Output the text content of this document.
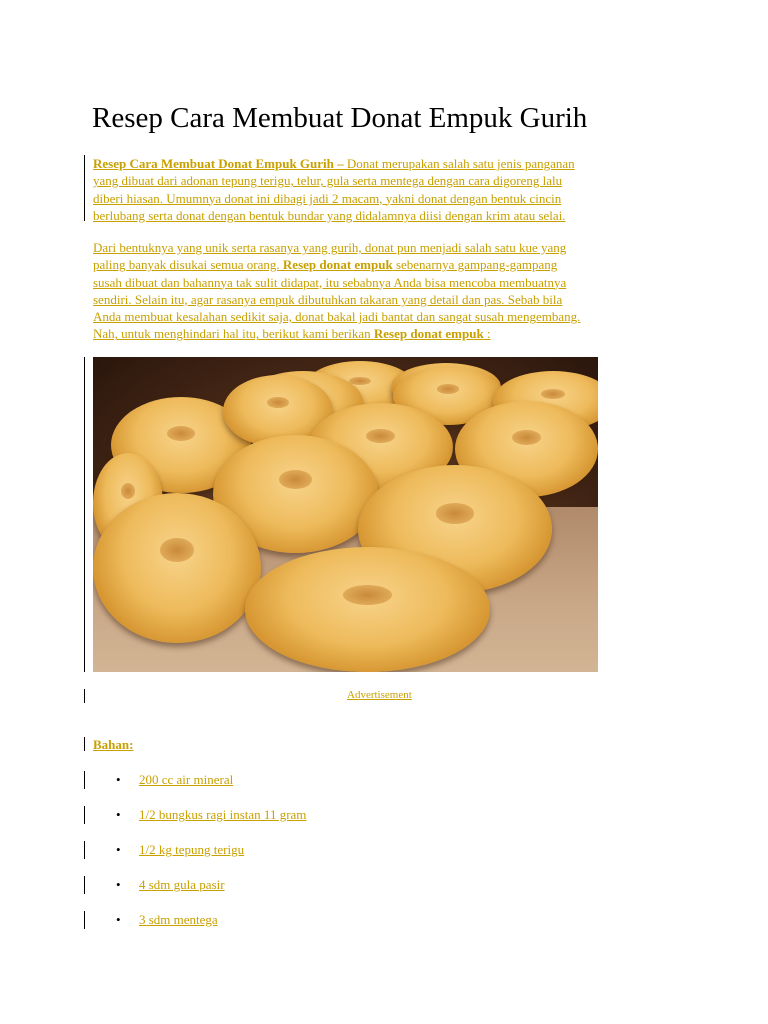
Resep Cara Membuat Donat Empuk Gurih

Resep Cara Membuat Donat Empuk Gurih – Donat merupakan salah satu jenis panganan
yang dibuat dari adonan tepung terigu, telur, gula serta mentega dengan cara digoreng lalu
diberi hiasan. Umumnya donat ini dibagi jadi 2 macam, yakni donat dengan bentuk cincin
berlubang serta donat dengan bentuk bundar yang didalamnya diisi dengan krim atau selai.

Dari bentuknya yang unik serta rasanya yang gurih, donat pun menjadi salah satu kue yang
paling banyak disukai semua orang. Resep donat empuk sebenarnya gampang-gampang
susah dibuat dan bahannya tak sulit didapat, itu sebabnya Anda bisa mencoba membuatnya
sendiri. Selain itu, agar rasanya empuk dibutuhkan takaran yang detail dan pas. Sebab bila
Anda membuat kesalahan sedikit saja, donat bakal jadi bantat dan sangat susah mengembang.
Nah, untuk menghindari hal itu, berikut kami berikan Resep donat empuk :

Advertisement
Bahan:
• 200 cc air mineral
• 1/2 bungkus ragi instan 11 gram
• 1/2 kg tepung terigu
• 4 sdm gula pasir
• 3 sdm mentega
